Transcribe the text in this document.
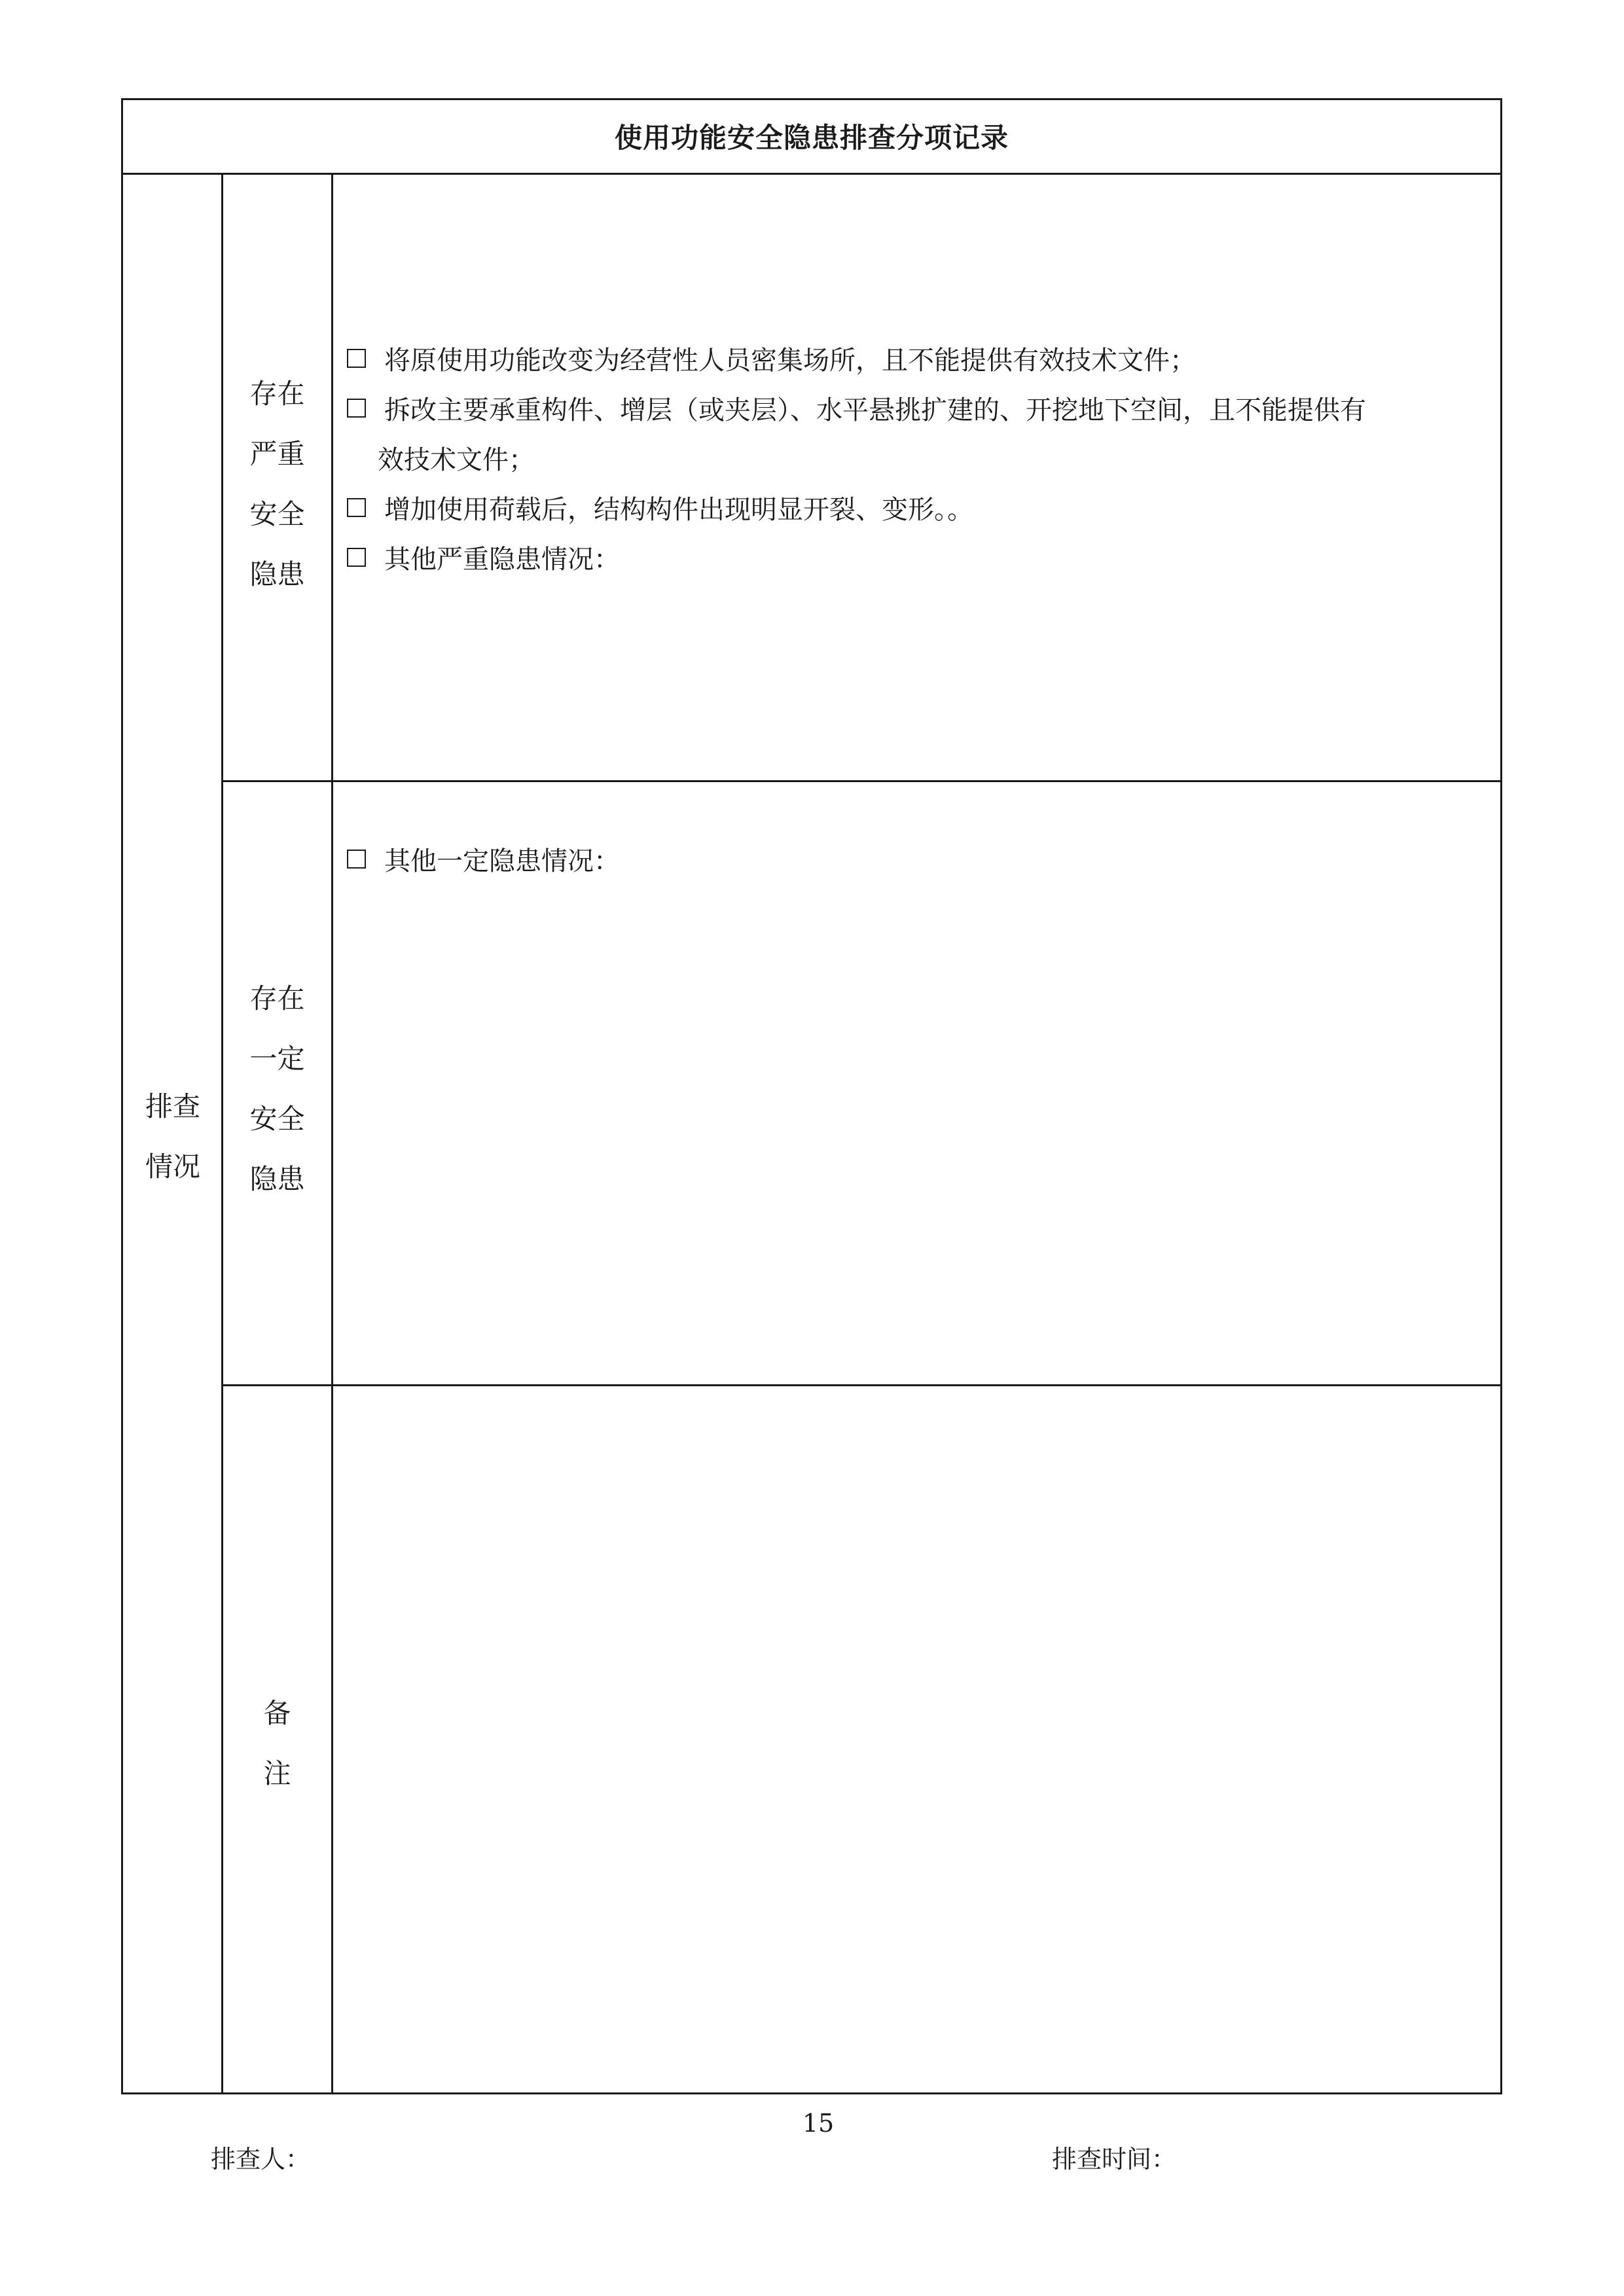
使用功能安全隐患排查分项记录
排查
情况
存在
严重
安全
隐患
将原使用功能改变为经营性人员密集场所，且不能提供有效技术文件；
拆改主要承重构件、增层（或夹层）、水平悬挑扩建的、开挖地下空间，且不能提供有
效技术文件；
增加使用荷载后，结构构件出现明显开裂、变形。。
其他严重隐患情况：
存在
一定
安全
隐患
其他一定隐患情况：
备
注
15
排查人：	排查时间：
